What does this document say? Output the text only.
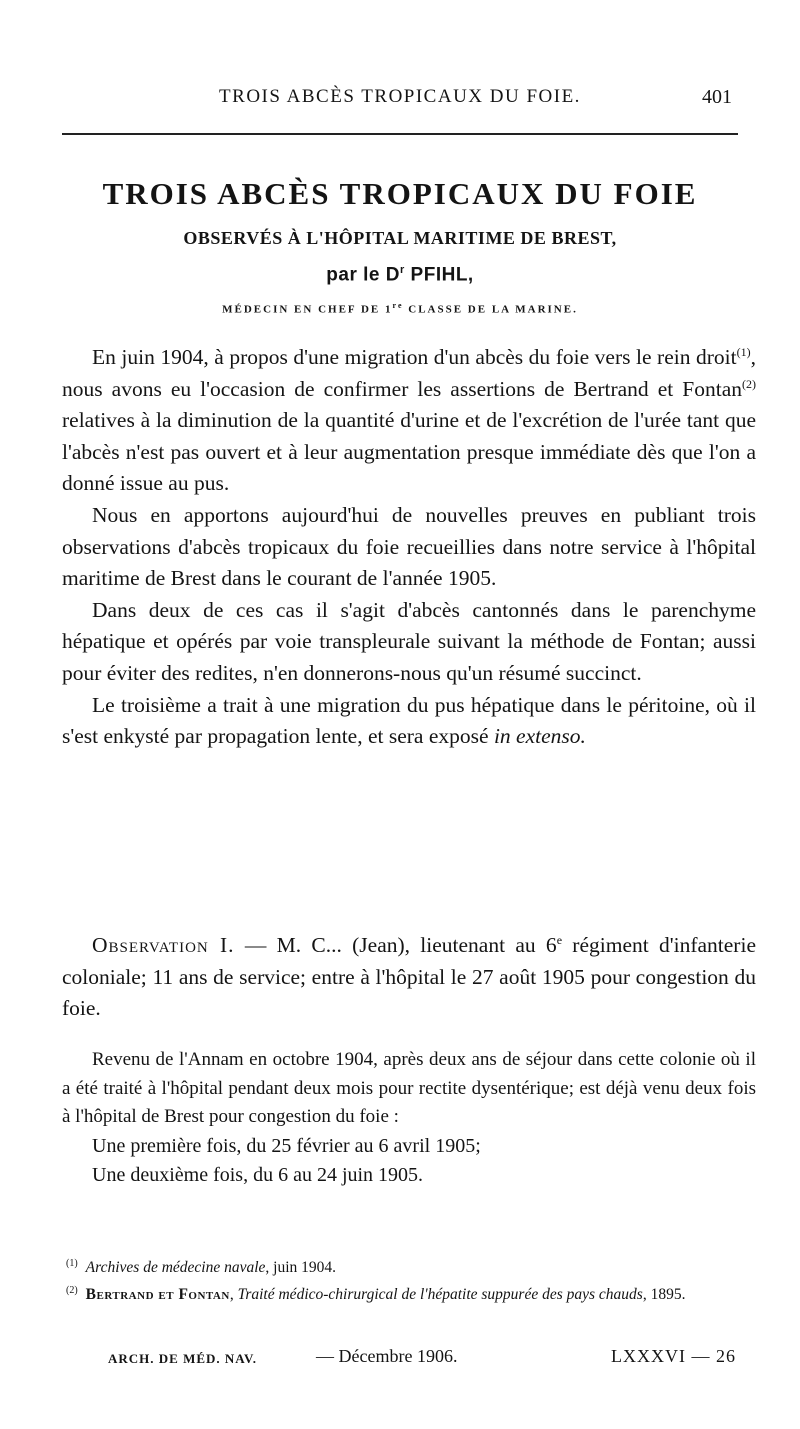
TROIS ABCÈS TROPICAUX DU FOIE.	401
TROIS ABCÈS TROPICAUX DU FOIE
OBSERVÉS À L'HÔPITAL MARITIME DE BREST,
par le $D^r$ PFIHL,
MÉDECIN EN CHEF DE 1re CLASSE DE LA MARINE.

En juin 1904, à propos d'une migration d'un abcès du foie vers le rein droit$^{(1)}$, nous avons eu l'occasion de confirmer les assertions de Bertrand et Fontan$^{(2)}$ relatives à la diminution de la quantité d'urine et de l'excrétion de l'urée tant que l'abcès n'est pas ouvert et à leur augmentation presque immédiate dès que l'on a donné issue au pus.

Nous en apportons aujourd'hui de nouvelles preuves en publiant trois observations d'abcès tropicaux du foie recueillies dans notre service à l'hôpital maritime de Brest dans le courant de l'année 1905.

Dans deux de ces cas il s'agit d'abcès cantonnés dans le parenchyme hépatique et opérés par voie transpleurale suivant la méthode de Fontan; aussi pour éviter des redites, n'en donnerons-nous qu'un résumé succinct.

Le troisième a trait à une migration du pus hépatique dans le péritoine, où il s'est enkysté par propagation lente, et sera exposé in extenso.

Observation I. — M. C... (Jean), lieutenant au 6e régiment d'infanterie coloniale; 11 ans de service; entre à l'hôpital le 27 août 1905 pour congestion du foie.

Revenu de l'Annam en octobre 1904, après deux ans de séjour dans cette colonie où il a été traité à l'hôpital pendant deux mois pour rectite dysentérique; est déjà venu deux fois à l'hôpital de Brest pour congestion du foie :

Une première fois, du 25 février au 6 avril 1905;

Une deuxième fois, du 6 au 24 juin 1905.

$^{(1)}$ Archives de médecine navale, juin 1904.

$^{(2)}$ Bertrand et Fontan, Traité médico-chirurgical de l'hépatite suppurée des pays chauds, 1895.

ARCH. DE MÉD. NAV.	— Décembre 1906.	LXXXVI — 26
